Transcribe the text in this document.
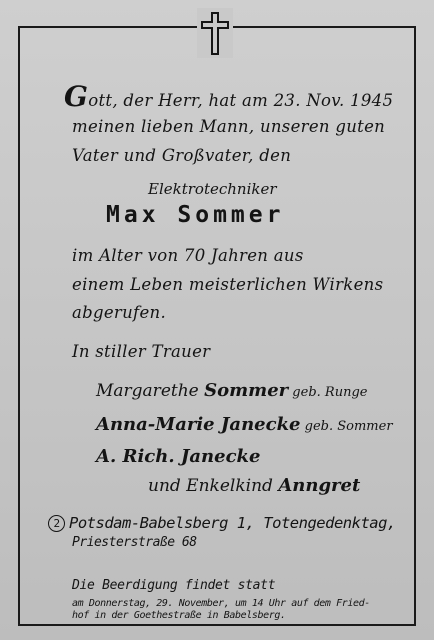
Gott, der Herr, hat am 23. Nov. 1945
meinen lieben Mann, unseren guten
Vater und Großvater, den
Elektrotechniker
Max Sommer
im Alter von 70 Jahren aus
einem Leben meisterlichen Wirkens
abgerufen.
In stiller Trauer
Margarethe Sommer geb. Runge
Anna-Marie Janecke geb. Sommer
A. Rich. Janecke
und Enkelkind Anngret
2 Potsdam-Babelsberg 1, Totengedenktag,
Priesterstraße 68
Die Beerdigung findet statt
am Donnerstag, 29. November, um 14 Uhr auf dem Fried-
hof in der Goethestraße in Babelsberg.
